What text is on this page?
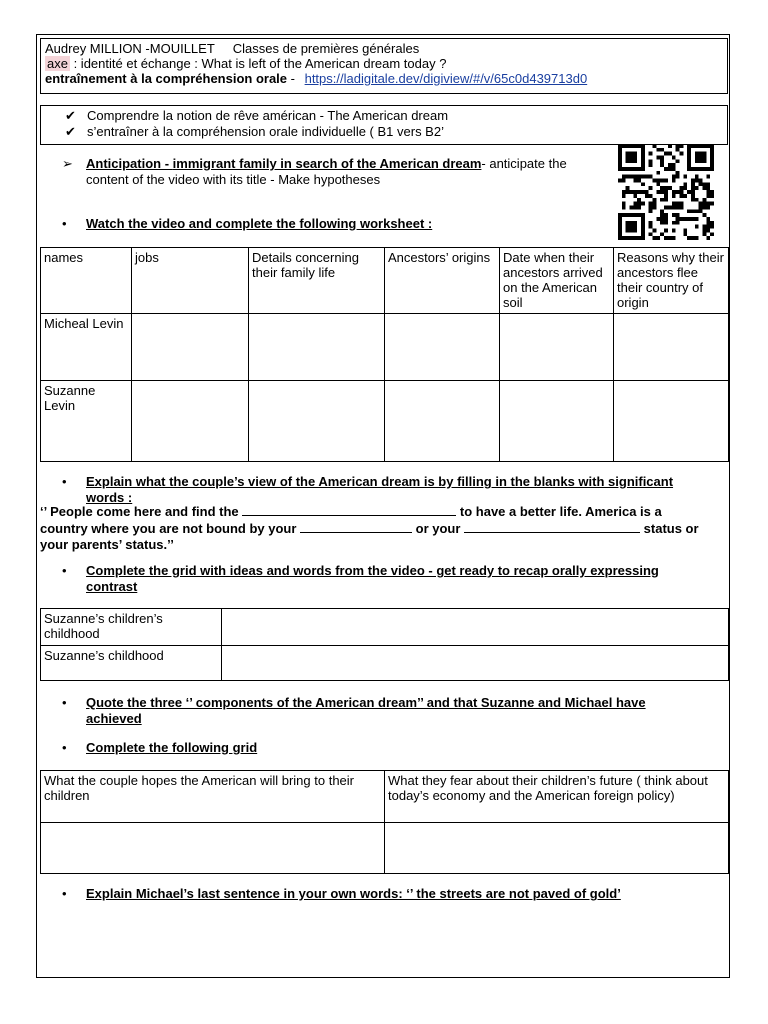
Audrey MILLION -MOUILLET Classes de premières générales
axe : identité et échange : What is left of the American dream today ?
entraînement à la compréhension orale - https://ladigitale.dev/digiview/#/v/65c0d439713d0
✔ Comprendre la notion de rêve américan - The American dream
✔ s’entraîner à la compréhension orale individuelle ( B1 vers B2’
➢ Anticipation - immigrant family in search of the American dream- anticipate the
content of the video with its title - Make hypotheses
• Watch the video and complete the following worksheet :
names	jobs	Details concerning their family life	Ancestors’ origins	Date when their ancestors arrived on the American soil	Reasons why their ancestors flee their country of origin
Micheal Levin					
Suzanne Levin					
• Explain what the couple’s view of the American dream is by filling in the blanks with significant
words :
‘’ People come here and find the	to have a better life. America is a
country where you are not bound by your	or your	status or
your parents’ status.’’
• Complete the grid with ideas and words from the video - get ready to recap orally expressing
contrast
Suzanne’s children’s childhood	
Suzanne’s childhood	
• Quote the three ‘’ components of the American dream’’ and that Suzanne and Michael have
achieved
• Complete the following grid
What the couple hopes the American will bring to their children	What they fear about their children’s future ( think about today’s economy and the American foreign policy)

• Explain Michael’s last sentence in your own words: ‘’ the streets are not paved of gold’
